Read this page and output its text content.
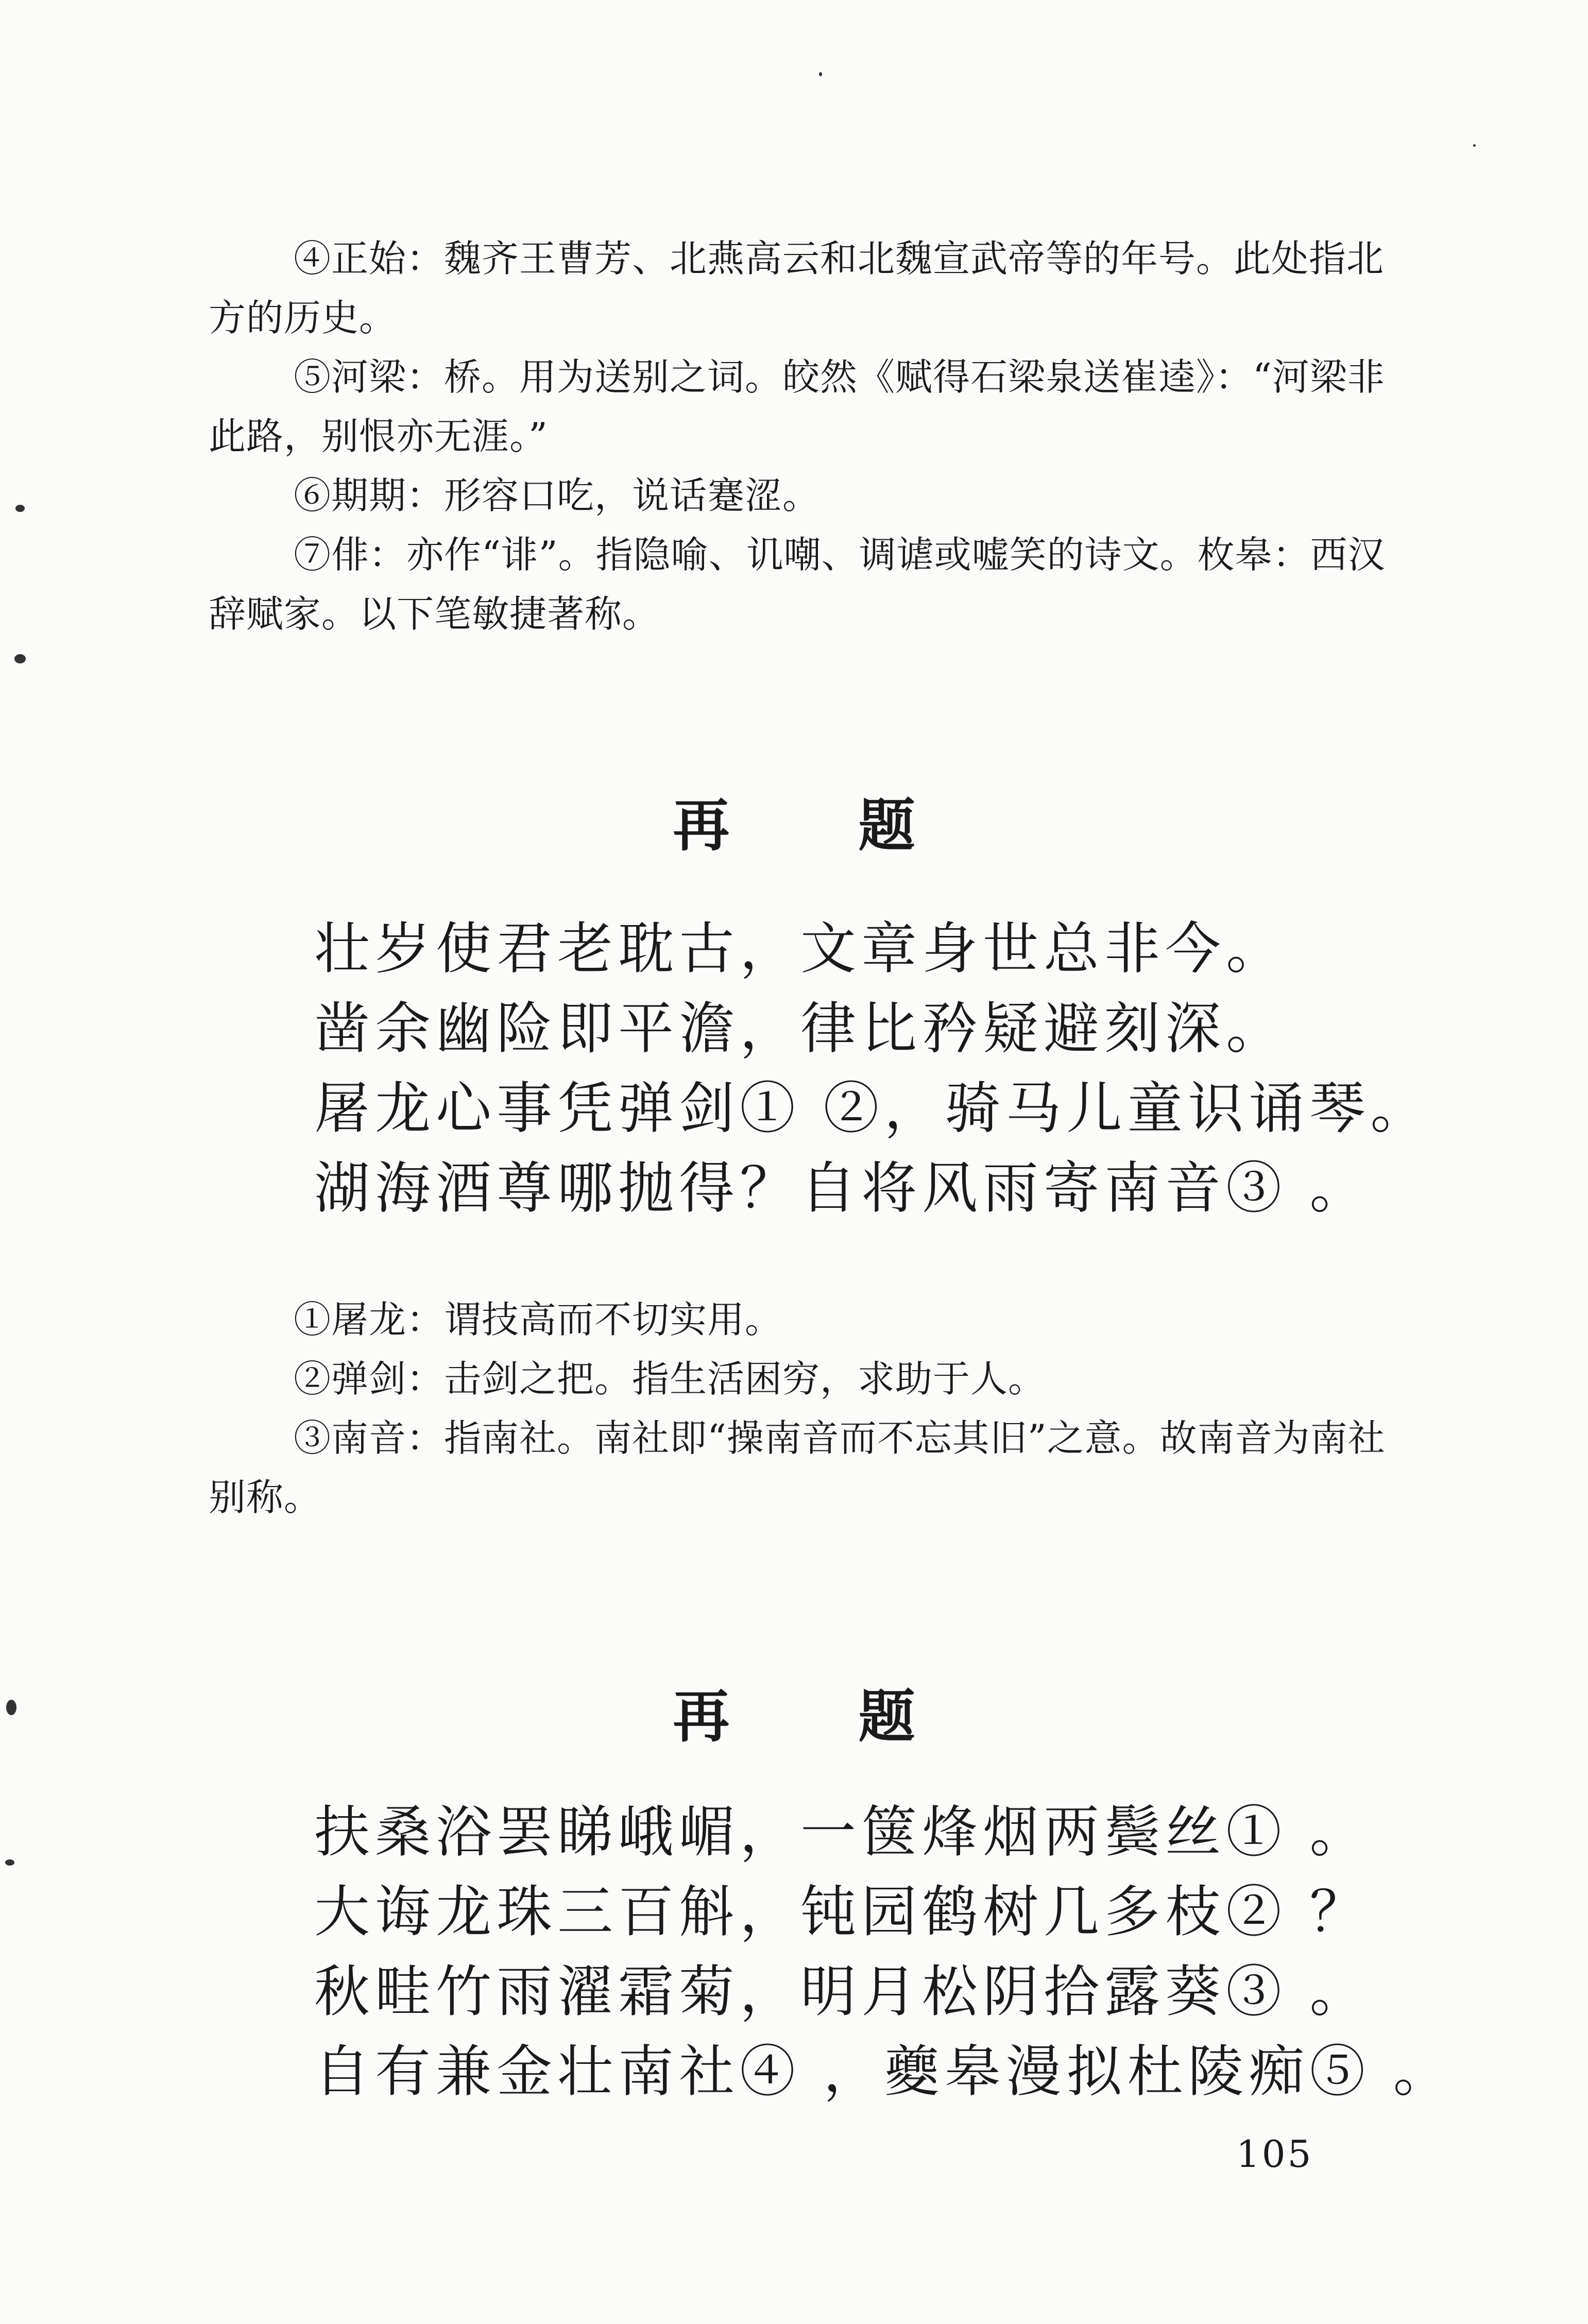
④正始：魏齐王曹芳、北燕高云和北魏宣武帝等的年号。此处指北方的历史。

⑤河梁：桥。用为送别之词。皎然《赋得石梁泉送崔逵》：“河梁非此路，别恨亦无涯。”

⑥期期：形容口吃，说话蹇涩。

⑦俳：亦作“诽”。指隐喻、讥嘲、调谑或嘘笑的诗文。枚皋：西汉辞赋家。以下笔敏捷著称。

再题

壮岁使君老耽古，文章身世总非今。

凿余幽险即平澹，律比矜疑避刻深。

屠龙心事凭弹剑① ②，骑马儿童识诵琴。

湖海酒尊哪抛得？自将风雨寄南音③ 。

①屠龙：谓技高而不切实用。

②弹剑：击剑之把。指生活困穷，求助于人。

③南音：指南社。南社即“操南音而不忘其旧”之意。故南音为南社别称。

再题

扶桑浴罢睇峨嵋，一箧烽烟两鬓丝① 。

大诲龙珠三百斛，钝园鹤树几多枝② ？

秋畦竹雨濯霜菊，明月松阴拾露葵③ 。

自有兼金壮南社④ ，夔皋漫拟杜陵痴⑤ 。

105
